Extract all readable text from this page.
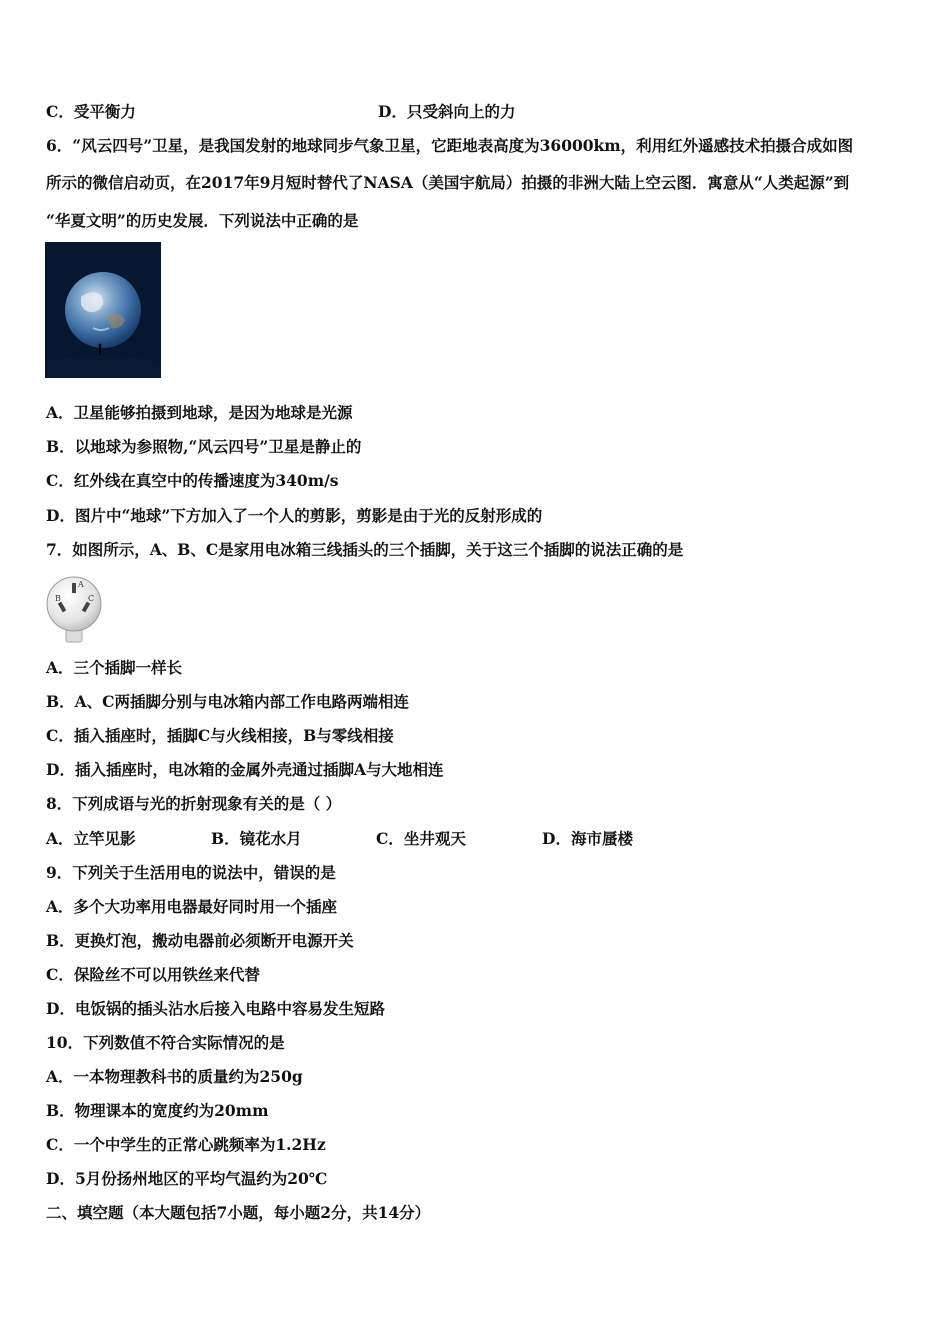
C．受平衡力	D．只受斜向上的力
6．“风云四号”卫星，是我国发射的地球同步气象卫星，它距地表高度为36000km，利用红外遥感技术拍摄合成如图
所示的微信启动页，在2017年9月短时替代了NASA（美国宇航局）拍摄的非洲大陆上空云图．寓意从“人类起源”到
“华夏文明”的历史发展．下列说法中正确的是
A．卫星能够拍摄到地球，是因为地球是光源
B．以地球为参照物,“风云四号”卫星是静止的
C．红外线在真空中的传播速度为340m/s
D．图片中“地球”下方加入了一个人的剪影，剪影是由于光的反射形成的
7．如图所示，A、B、C是家用电冰箱三线插头的三个插脚，关于这三个插脚的说法正确的是
A
B	C
A．三个插脚一样长
B．A、C两插脚分别与电冰箱内部工作电路两端相连
C．插入插座时，插脚C与火线相接，B与零线相接
D．插入插座时，电冰箱的金属外壳通过插脚A与大地相连
8．下列成语与光的折射现象有关的是（ ）
A．立竿见影	B．镜花水月	C．坐井观天	D．海市蜃楼
9．下列关于生活用电的说法中，错误的是
A．多个大功率用电器最好同时用一个插座
B．更换灯泡，搬动电器前必须断开电源开关
C．保险丝不可以用铁丝来代替
D．电饭锅的插头沾水后接入电路中容易发生短路
10．下列数值不符合实际情况的是
A．一本物理教科书的质量约为250g
B．物理课本的宽度约为20mm
C．一个中学生的正常心跳频率为1.2Hz
D．5月份扬州地区的平均气温约为20℃
二、填空题（本大题包括7小题，每小题2分，共14分）
